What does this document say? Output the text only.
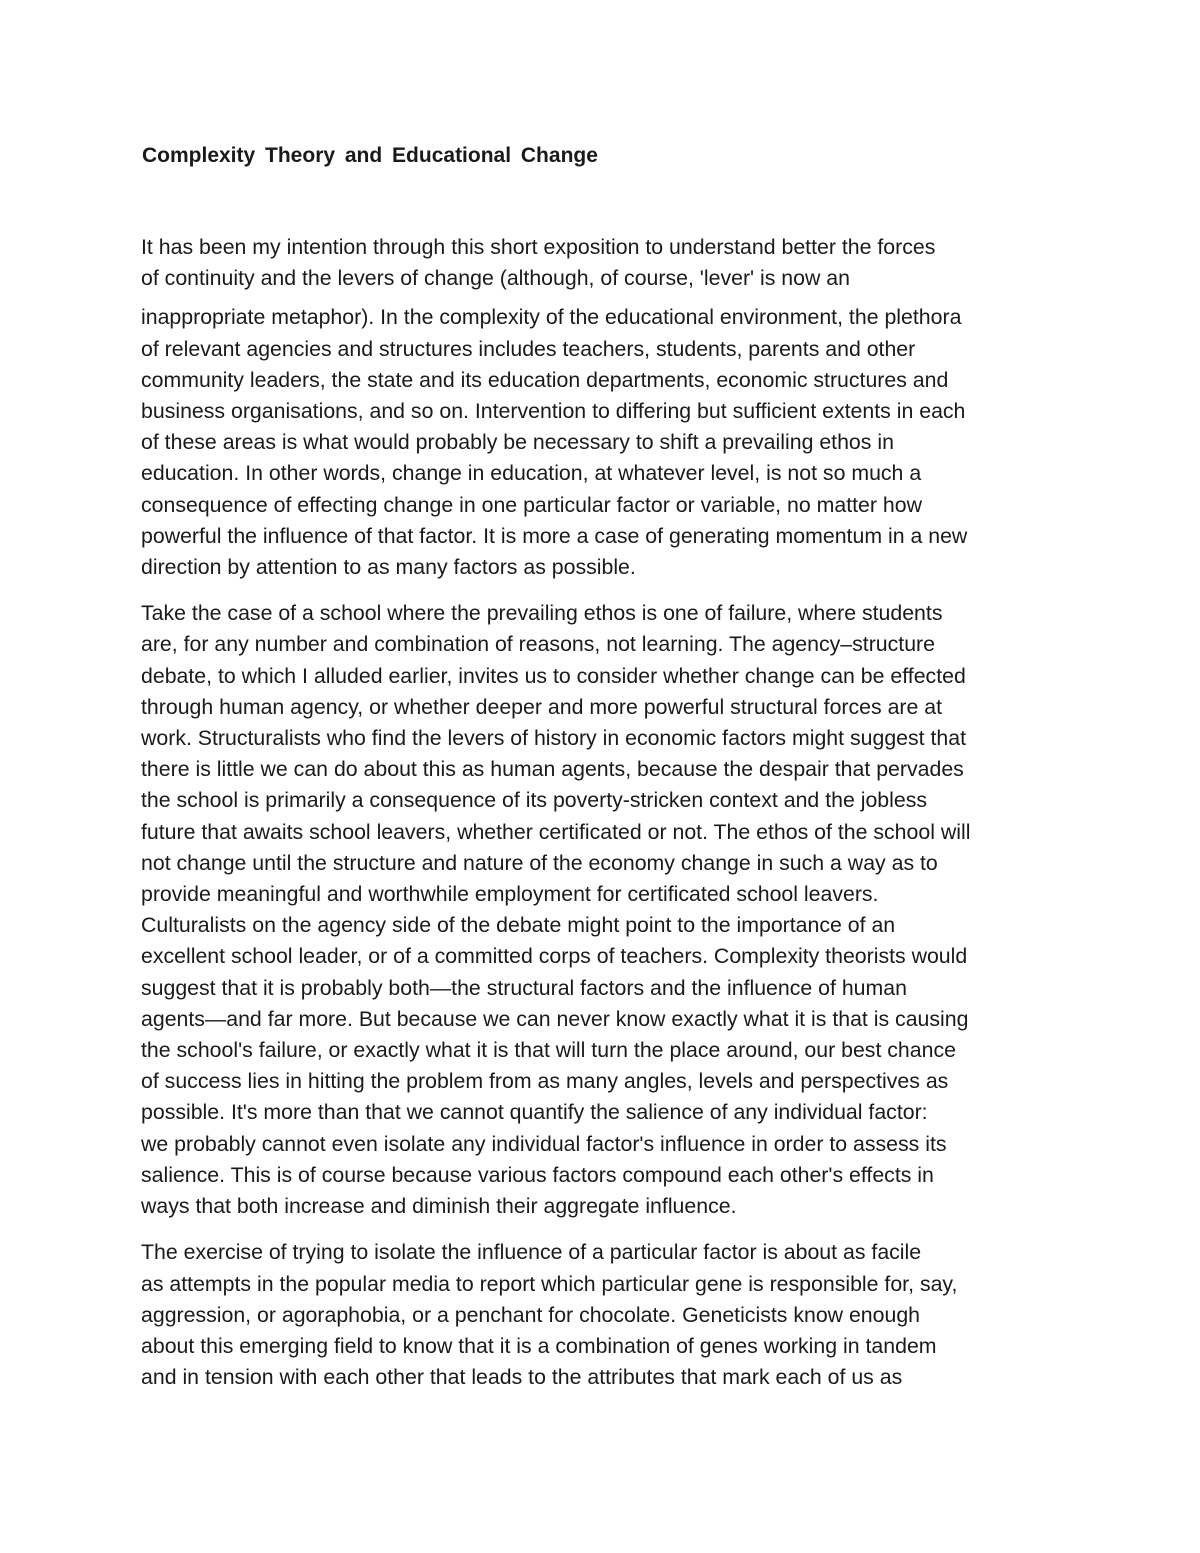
Complexity Theory and Educational Change

It has been my intention through this short exposition to understand better the forces
of continuity and the levers of change (although, of course, 'lever' is now an

inappropriate metaphor). In the complexity of the educational environment, the plethora
of relevant agencies and structures includes teachers, students, parents and other
community leaders, the state and its education departments, economic structures and
business organisations, and so on. Intervention to differing but sufficient extents in each
of these areas is what would probably be necessary to shift a prevailing ethos in
education. In other words, change in education, at whatever level, is not so much a
consequence of effecting change in one particular factor or variable, no matter how
powerful the influence of that factor. It is more a case of generating momentum in a new
direction by attention to as many factors as possible.

Take the case of a school where the prevailing ethos is one of failure, where students
are, for any number and combination of reasons, not learning. The agency–structure
debate, to which I alluded earlier, invites us to consider whether change can be effected
through human agency, or whether deeper and more powerful structural forces are at
work. Structuralists who find the levers of history in economic factors might suggest that
there is little we can do about this as human agents, because the despair that pervades
the school is primarily a consequence of its poverty-stricken context and the jobless
future that awaits school leavers, whether certificated or not. The ethos of the school will
not change until the structure and nature of the economy change in such a way as to
provide meaningful and worthwhile employment for certificated school leavers.
Culturalists on the agency side of the debate might point to the importance of an
excellent school leader, or of a committed corps of teachers. Complexity theorists would
suggest that it is probably both—the structural factors and the influence of human
agents—and far more. But because we can never know exactly what it is that is causing
the school's failure, or exactly what it is that will turn the place around, our best chance
of success lies in hitting the problem from as many angles, levels and perspectives as
possible. It's more than that we cannot quantify the salience of any individual factor:
we probably cannot even isolate any individual factor's influence in order to assess its
salience. This is of course because various factors compound each other's effects in
ways that both increase and diminish their aggregate influence.

The exercise of trying to isolate the influence of a particular factor is about as facile
as attempts in the popular media to report which particular gene is responsible for, say,
aggression, or agoraphobia, or a penchant for chocolate. Geneticists know enough
about this emerging field to know that it is a combination of genes working in tandem
and in tension with each other that leads to the attributes that mark each of us as
